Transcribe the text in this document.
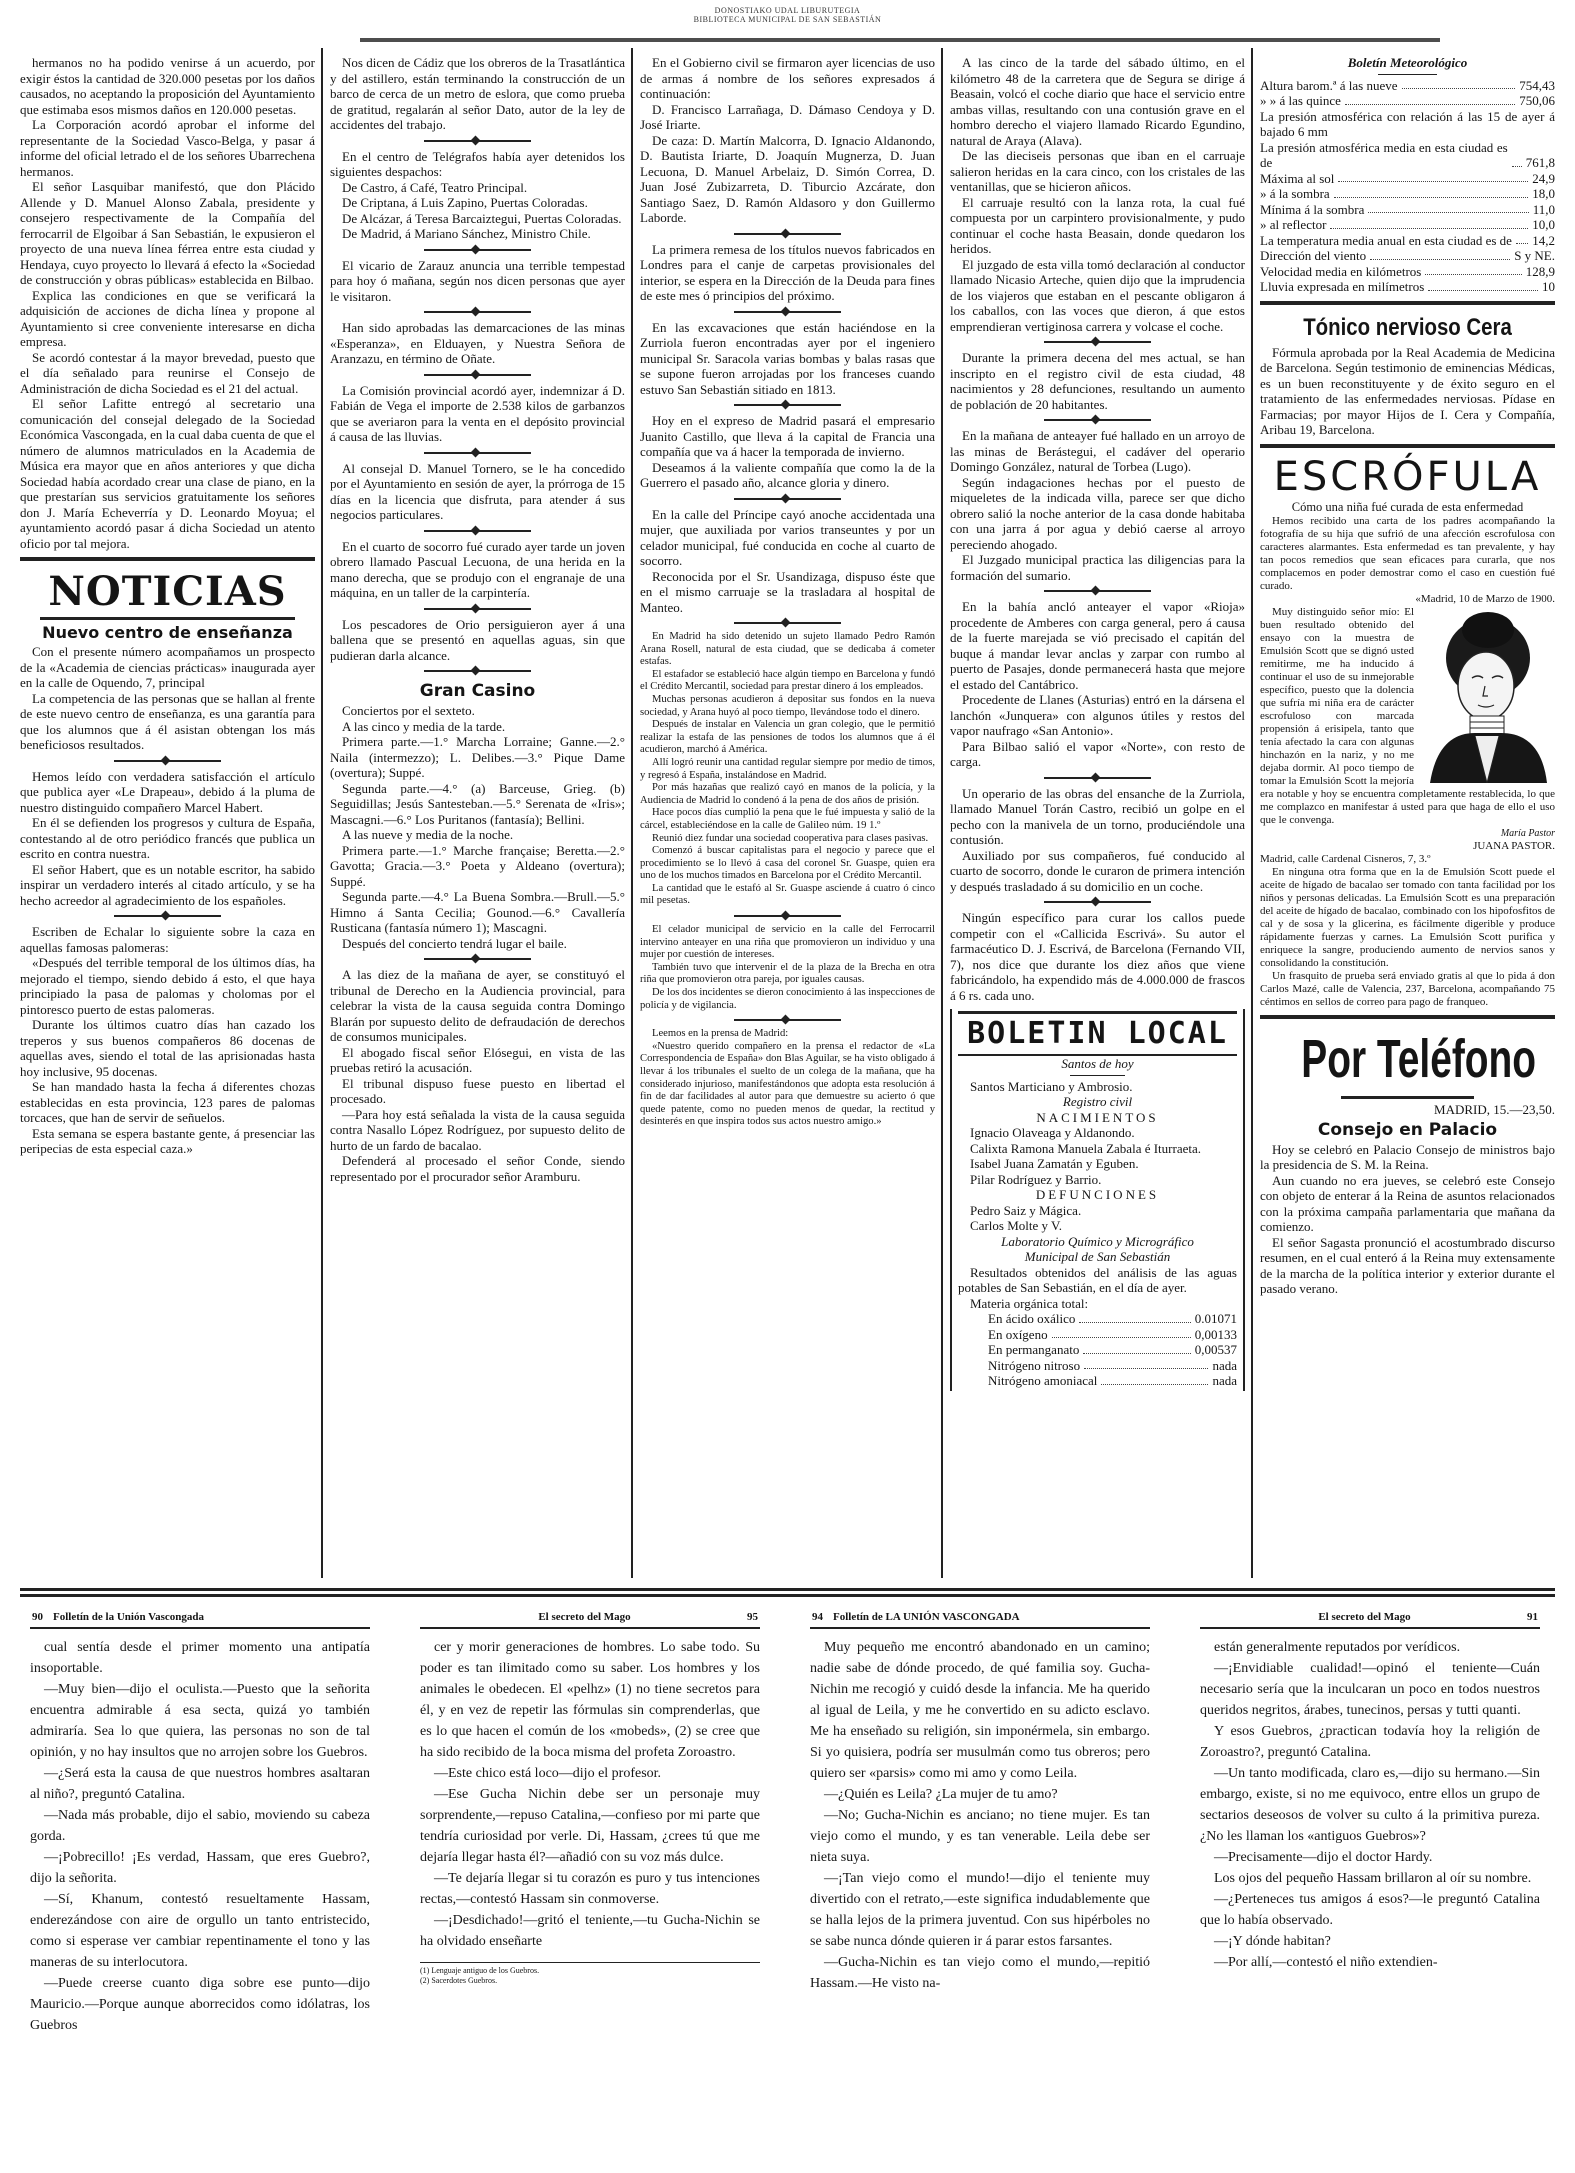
DONOSTIAKO UDAL LIBURUTEGIA
BIBLIOTECA MUNICIPAL DE SAN SEBASTIÁN

hermanos no ha podido venirse á un acuerdo, por exigir éstos la cantidad de 320.000 pesetas por los daños causados, no aceptando la proposición del Ayuntamiento que estimaba esos mismos daños en 120.000 pesetas.

La Corporación acordó aprobar el informe del representante de la Sociedad Vasco-Belga, y pasar á informe del oficial letrado el de los señores Ubarrechena hermanos.

El señor Lasquibar manifestó, que don Plácido Allende y D. Manuel Alonso Zabala, presidente y consejero respectivamente de la Compañía del ferrocarril de Elgoibar á San Sebastián, le expusieron el proyecto de una nueva línea férrea entre esta ciudad y Hendaya, cuyo proyecto lo llevará á efecto la «Sociedad de construcción y obras públicas» establecida en Bilbao.

Explica las condiciones en que se verificará la adquisición de acciones de dicha línea y propone al Ayuntamiento si cree conveniente interesarse en dicha empresa.

Se acordó contestar á la mayor brevedad, puesto que el día señalado para reunirse el Consejo de Administración de dicha Sociedad es el 21 del actual.

El señor Lafitte entregó al secretario una comunicación del consejal delegado de la Sociedad Económica Vascongada, en la cual daba cuenta de que el número de alumnos matriculados en la Academia de Música era mayor que en años anteriores y que dicha Sociedad había acordado crear una clase de piano, en la que prestarían sus servicios gratuitamente los señores don J. María Echeverría y D. Leonardo Moyua; el ayuntamiento acordó pasar á dicha Sociedad un atento oficio por tal mejora.

NOTICIAS
Nuevo centro de enseñanza

Con el presente número acompañamos un prospecto de la «Academia de ciencias prácticas» inaugurada ayer en la calle de Oquendo, 7, principal

La competencia de las personas que se hallan al frente de este nuevo centro de enseñanza, es una garantía para que los alumnos que á él asistan obtengan los más beneficiosos resultados.

Hemos leído con verdadera satisfacción el artículo que publica ayer «Le Drapeau», debido á la pluma de nuestro distinguido compañero Marcel Habert.

En él se defienden los progresos y cultura de España, contestando al de otro periódico francés que publica un escrito en contra nuestra.

El señor Habert, que es un notable escritor, ha sabido inspirar un verdadero interés al citado artículo, y se ha hecho acreedor al agradecimiento de los españoles.

Escriben de Echalar lo siguiente sobre la caza en aquellas famosas palomeras:

«Después del terrible temporal de los últimos días, ha mejorado el tiempo, siendo debido á esto, el que haya principiado la pasa de palomas y cholomas por el pintoresco puerto de estas palomeras.

Durante los últimos cuatro días han cazado los treperos y sus buenos compañeros 86 docenas de aquellas aves, siendo el total de las aprisionadas hasta hoy inclusive, 95 docenas.

Se han mandado hasta la fecha á diferentes chozas establecidas en esta provincia, 123 pares de palomas torcaces, que han de servir de señuelos.

Esta semana se espera bastante gente, á presenciar las peripecias de esta especial caza.»

Nos dicen de Cádiz que los obreros de la Trasatlántica y del astillero, están terminando la construcción de un barco de cerca de un metro de eslora, que como prueba de gratitud, regalarán al señor Dato, autor de la ley de accidentes del trabajo.

En el centro de Telégrafos había ayer detenidos los siguientes despachos:

De Castro, á Café, Teatro Principal.

De Criptana, á Luis Zapino, Puertas Coloradas.

De Alcázar, á Teresa Barcaiztegui, Puertas Coloradas.

De Madrid, á Mariano Sánchez, Ministro Chile.

El vicario de Zarauz anuncia una terrible tempestad para hoy ó mañana, según nos dicen personas que ayer le visitaron.

Han sido aprobadas las demarcaciones de las minas «Esperanza», en Elduayen, y Nuestra Señora de Aranzazu, en término de Oñate.

La Comisión provincial acordó ayer, indemnizar á D. Fabián de Vega el importe de 2.538 kilos de garbanzos que se averiaron para la venta en el depósito provincial á causa de las lluvias.

Al consejal D. Manuel Tornero, se le ha concedido por el Ayuntamiento en sesión de ayer, la prórroga de 15 días en la licencia que disfruta, para atender á sus negocios particulares.

En el cuarto de socorro fué curado ayer tarde un joven obrero llamado Pascual Lecuona, de una herida en la mano derecha, que se produjo con el engranaje de una máquina, en un taller de la carpintería.

Los pescadores de Orio persiguieron ayer á una ballena que se presentó en aquellas aguas, sin que pudieran darla alcance.

Gran Casino

Conciertos por el sexteto.

A las cinco y media de la tarde.

Primera parte.—1.° Marcha Lorraine; Ganne.—2.° Naila (intermezzo); L. Delibes.—3.° Pique Dame (overtura); Suppé.

Segunda parte.—4.° (a) Barceuse, Grieg. (b) Seguidillas; Jesús Santesteban.—5.° Serenata de «Iris»; Mascagni.—6.° Los Puritanos (fantasía); Bellini.

A las nueve y media de la noche.

Primera parte.—1.° Marche française; Beretta.—2.° Gavotta; Gracia.—3.° Poeta y Aldeano (overtura); Suppé.

Segunda parte.—4.° La Buena Sombra.—Brull.—5.° Himno á Santa Cecilia; Gounod.—6.° Cavallería Rusticana (fantasía número 1); Mascagni.

Después del concierto tendrá lugar el baile.

A las diez de la mañana de ayer, se constituyó el tribunal de Derecho en la Audiencia provincial, para celebrar la vista de la causa seguida contra Domingo Blarán por supuesto delito de defraudación de derechos de consumos municipales.

El abogado fiscal señor Elósegui, en vista de las pruebas retiró la acusación.

El tribunal dispuso fuese puesto en libertad el procesado.

—Para hoy está señalada la vista de la causa seguida contra Nasallo López Rodríguez, por supuesto delito de hurto de un fardo de bacalao.

Defenderá al procesado el señor Conde, siendo representado por el procurador señor Aramburu.

En el Gobierno civil se firmaron ayer licencias de uso de armas á nombre de los señores expresados á continuación:

D. Francisco Larrañaga, D. Dámaso Cendoya y D. José Iriarte.

De caza: D. Martín Malcorra, D. Ignacio Aldanondo, D. Bautista Iriarte, D. Joaquín Mugnerza, D. Juan Lecuona, D. Manuel Arbelaiz, D. Simón Correa, D. Juan José Zubizarreta, D. Tiburcio Azcárate, don Santiago Saez, D. Ramón Aldasoro y don Guillermo Laborde.

La primera remesa de los títulos nuevos fabricados en Londres para el canje de carpetas provisionales del interior, se espera en la Dirección de la Deuda para fines de este mes ó principios del próximo.

En las excavaciones que están haciéndose en la Zurriola fueron encontradas ayer por el ingeniero municipal Sr. Saracola varias bombas y balas rasas que se supone fueron arrojadas por los franceses cuando estuvo San Sebastián sitiado en 1813.

Hoy en el expreso de Madrid pasará el empresario Juanito Castillo, que lleva á la capital de Francia una compañía que va á hacer la temporada de invierno.

Deseamos á la valiente compañía que como la de la Guerrero el pasado año, alcance gloria y dinero.

En la calle del Príncipe cayó anoche accidentada una mujer, que auxiliada por varios transeuntes y por un celador municipal, fué conducida en coche al cuarto de socorro.

Reconocida por el Sr. Usandizaga, dispuso éste que en el mismo carruaje se la trasladara al hospital de Manteo.

En Madrid ha sido detenido un sujeto llamado Pedro Ramón Arana Rosell, natural de esta ciudad, que se dedicaba á cometer estafas.

El estafador se estableció hace algún tiempo en Barcelona y fundó el Crédito Mercantil, sociedad para prestar dinero á los empleados.

Muchas personas acudieron á depositar sus fondos en la nueva sociedad, y Arana huyó al poco tiempo, llevándose todo el dinero.

Después de instalar en Valencia un gran colegio, que le permitió realizar la estafa de las pensiones de todos los alumnos que á él acudieron, marchó á América.

Allí logró reunir una cantidad regular siempre por medio de timos, y regresó á España, instalándose en Madrid.

Por más hazañas que realizó cayó en manos de la policía, y la Audiencia de Madrid lo condenó á la pena de dos años de prisión.

Hace pocos días cumplió la pena que le fué impuesta y salió de la cárcel, estableciéndose en la calle de Galileo núm. 19 1.º

Reunió diez fundar una sociedad cooperativa para clases pasivas.

Comenzó á buscar capitalistas para el negocio y parece que el procedimiento se lo llevó á casa del coronel Sr. Guaspe, quien era uno de los muchos timados en Barcelona por el Crédito Mercantil.

La cantidad que le estafó al Sr. Guaspe asciende á cuatro ó cinco mil pesetas.

El celador municipal de servicio en la calle del Ferrocarril intervino anteayer en una riña que promovieron un individuo y una mujer por cuestión de intereses.

También tuvo que intervenir el de la plaza de la Brecha en otra riña que promovieron otra pareja, por iguales causas.

De los dos incidentes se dieron conocimiento á las inspecciones de policía y de vigilancia.

Leemos en la prensa de Madrid:

«Nuestro querido compañero en la prensa el redactor de «La Correspondencia de España» don Blas Aguilar, se ha visto obligado á llevar á los tribunales el suelto de un colega de la mañana, que ha considerado injurioso, manifestándonos que adopta esta resolución á fin de dar facilidades al autor para que demuestre su acierto ó que quede patente, como no pueden menos de quedar, la rectitud y desinterés en que inspira todos sus actos nuestro amigo.»

A las cinco de la tarde del sábado último, en el kilómetro 48 de la carretera que de Segura se dirige á Beasain, volcó el coche diario que hace el servicio entre ambas villas, resultando con una contusión grave en el hombro derecho el viajero llamado Ricardo Egundino, natural de Araya (Alava).

De las dieciseis personas que iban en el carruaje salieron heridas en la cara cinco, con los cristales de las ventanillas, que se hicieron añicos.

El carruaje resultó con la lanza rota, la cual fué compuesta por un carpintero provisionalmente, y pudo continuar el coche hasta Beasain, donde quedaron los heridos.

El juzgado de esta villa tomó declaración al conductor llamado Nicasio Arteche, quien dijo que la imprudencia de los viajeros que estaban en el pescante obligaron á los caballos, con las voces que dieron, á que estos emprendieran vertiginosa carrera y volcase el coche.

Durante la primera decena del mes actual, se han inscripto en el registro civil de esta ciudad, 48 nacimientos y 28 defunciones, resultando un aumento de población de 20 habitantes.

En la mañana de anteayer fué hallado en un arroyo de las minas de Berástegui, el cadáver del operario Domingo González, natural de Torbea (Lugo).

Según indagaciones hechas por el puesto de miqueletes de la indicada villa, parece ser que dicho obrero salió la noche anterior de la casa donde habitaba con una jarra á por agua y debió caerse al arroyo pereciendo ahogado.

El Juzgado municipal practica las diligencias para la formación del sumario.

En la bahía ancló anteayer el vapor «Rioja» procedente de Amberes con carga general, pero á causa de la fuerte marejada se vió precisado el capitán del buque á mandar levar anclas y zarpar con rumbo al puerto de Pasajes, donde permanecerá hasta que mejore el estado del Cantábrico.

Procedente de Llanes (Asturias) entró en la dársena el lanchón «Junquera» con algunos útiles y restos del vapor naufrago «San Antonio».

Para Bilbao salió el vapor «Norte», con resto de carga.

Un operario de las obras del ensanche de la Zurriola, llamado Manuel Torán Castro, recibió un golpe en el pecho con la manivela de un torno, produciéndole una contusión.

Auxiliado por sus compañeros, fué conducido al cuarto de socorro, donde le curaron de primera intención y después trasladado á su domicilio en un coche.

Ningún específico para curar los callos puede competir con el «Callicida Escrivá». Su autor el farmacéutico D. J. Escrivá, de Barcelona (Fernando VII, 7), nos dice que durante los diez años que viene fabricándolo, ha expendido más de 4.000.000 de frascos á 6 rs. cada uno.

BOLETIN LOCAL
Santos de hoy

Santos Marticiano y Ambrosio.

Registro civil
NACIMIENTOS

Ignacio Olaveaga y Aldanondo.

Calixta Ramona Manuela Zabala é Iturraeta.

Isabel Juana Zamatán y Eguben.

Pilar Rodríguez y Barrio.

DEFUNCIONES

Pedro Saiz y Mágica.

Carlos Molte y V.

Laboratorio Químico y Micrográfico
Municipal de San Sebastián

Resultados obtenidos del análisis de las aguas potables de San Sebastián, en el día de ayer.

Materia orgánica total:

En ácido oxálico	0.01071
En oxígeno	0,00133
En permanganato	0,00537
Nitrógeno nitroso	nada
Nitrógeno amoniacal	nada
Boletín Meteorológico
Altura barom.ª á las nueve	754,43
» » á las quince	750,06
La presión atmosférica con relación á las 15 de ayer á bajado 6 mm
La presión atmosférica media en esta ciudad es de	761,8
Máxima al sol	24,9
» á la sombra	18,0
Mínima á la sombra	11,0
» al reflector	10,0
La temperatura media anual en esta ciudad es de 14,2
Dirección del viento	S y NE.
Velocidad media en kilómetros	128,9
Lluvia expresada en milímetros	10
Tónico nervioso Cera

Fórmula aprobada por la Real Academia de Medicina de Barcelona. Según testimonio de eminencias Médicas, es un buen reconstituyente y de éxito seguro en el tratamiento de las enfermedades nerviosas. Pídase en Farmacias; por mayor Hijos de I. Cera y Compañía, Aribau 19, Barcelona.

ESCRÓFULA
Cómo una niña fué curada de esta enfermedad

Hemos recibido una carta de los padres acompañando la fotografía de su hija que sufrió de una afección escrofulosa con caracteres alarmantes. Esta enfermedad es tan prevalente, y hay tan pocos remedios que sean eficaces para curarla, que nos complacemos en poder demostrar como el caso en cuestión fué curado.

«Madrid, 10 de Marzo de 1900.

Muy distinguido señor mío: El buen resultado obtenido del ensayo con la muestra de Emulsión Scott que se dignó usted remitirme, me ha inducido á continuar el uso de su inmejorable específico, puesto que la dolencia que sufría mi niña era de carácter escrofuloso con marcada propensión á erisipela, tanto que tenía afectado la cara con algunas hinchazón en la nariz, y no me dejaba dormir. Al poco tiempo de tomar la Emulsión Scott la mejoría era notable y hoy se encuentra completamente restablecida, lo que me complazco en manifestar á usted para que haga de ello el uso que le convenga.

María Pastor
JUANA PASTOR.
Madrid, calle Cardenal Cisneros, 7, 3.º

En ninguna otra forma que en la de Emulsión Scott puede el aceite de hígado de bacalao ser tomado con tanta facilidad por los niños y personas delicadas. La Emulsión Scott es una preparación del aceite de hígado de bacalao, combinado con los hipofosfitos de cal y de sosa y la glicerina, es fácilmente digerible y produce rápidamente fuerzas y carnes. La Emulsión Scott purifica y enriquece la sangre, produciendo aumento de nervios sanos y consolidando la constitución.

Un frasquito de prueba será enviado gratis al que lo pida á don Carlos Mazé, calle de Valencia, 237, Barcelona, acompañando 75 céntimos en sellos de correo para pago de franqueo.

Por Teléfono
MADRID, 15.—23,50.
Consejo en Palacio

Hoy se celebró en Palacio Consejo de ministros bajo la presidencia de S. M. la Reina.

Aun cuando no era jueves, se celebró este Consejo con objeto de enterar á la Reina de asuntos relacionados con la próxima campaña parlamentaria que mañana da comienzo.

El señor Sagasta pronunció el acostumbrado discurso resumen, en el cual enteró á la Reina muy extensamente de la marcha de la política interior y exterior durante el pasado verano.

90 Folletín de la Unión Vascongada

cual sentía desde el primer momento una antipatía insoportable.

—Muy bien—dijo el oculista.—Puesto que la señorita encuentra admirable á esa secta, quizá yo también admiraría. Sea lo que quiera, las personas no son de tal opinión, y no hay insultos que no arrojen sobre los Guebros.

—¿Será esta la causa de que nuestros hombres asaltaran al niño?, preguntó Catalina.

—Nada más probable, dijo el sabio, moviendo su cabeza gorda.

—¡Pobrecillo! ¡Es verdad, Hassam, que eres Guebro?, dijo la señorita.

—Sí, Khanum, contestó resueltamente Hassam, enderezándose con aire de orgullo un tanto entristecido, como si esperase ver cambiar repentinamente el tono y las maneras de su interlocutora.

—Puede creerse cuanto diga sobre ese punto—dijo Mauricio.—Porque aunque aborrecidos como idólatras, los Guebros

El secreto del Mago	95

cer y morir generaciones de hombres. Lo sabe todo. Su poder es tan ilimitado como su saber. Los hombres y los animales le obedecen. El «pelhz» (1) no tiene secretos para él, y en vez de repetir las fórmulas sin comprenderlas, que es lo que hacen el común de los «mobeds», (2) se cree que ha sido recibido de la boca misma del profeta Zoroastro.

—Este chico está loco—dijo el profesor.

—Ese Gucha Nichin debe ser un personaje muy sorprendente,—repuso Catalina,—confieso por mi parte que tendría curiosidad por verle. Di, Hassam, ¿crees tú que me dejaría llegar hasta él?—añadió con su voz más dulce.

—Te dejaría llegar si tu corazón es puro y tus intenciones rectas,—contestó Hassam sin conmoverse.

—¡Desdichado!—gritó el teniente,—tu Gucha-Nichin se ha olvidado enseñarte

(1) Lenguaje antiguo de los Guebros.
(2) Sacerdotes Guebros.
94 Folletín de LA UNIÓN VASCONGADA

Muy pequeño me encontró abandonado en un camino; nadie sabe de dónde procedo, de qué familia soy. Gucha-Nichin me recogió y cuidó desde la infancia. Me ha querido al igual de Leila, y me he convertido en su adicto esclavo. Me ha enseñado su religión, sin imponérmela, sin embargo. Si yo quisiera, podría ser musulmán como tus obreros; pero quiero ser «parsis» como mi amo y como Leila.

—¿Quién es Leila? ¿La mujer de tu amo?

—No; Gucha-Nichin es anciano; no tiene mujer. Es tan viejo como el mundo, y es tan venerable. Leila debe ser nieta suya.

—¡Tan viejo como el mundo!—dijo el teniente muy divertido con el retrato,—este significa indudablemente que se halla lejos de la primera juventud. Con sus hipérboles no se sabe nunca dónde quieren ir á parar estos farsantes.

—Gucha-Nichin es tan viejo como el mundo,—repitió Hassam.—He visto na-

El secreto del Mago	91

están generalmente reputados por verídicos.

—¡Envidiable cualidad!—opinó el teniente—Cuán necesario sería que la inculcaran un poco en todos nuestros queridos negritos, árabes, tunecinos, persas y tutti quanti.

Y esos Guebros, ¿practican todavía hoy la religión de Zoroastro?, preguntó Catalina.

—Un tanto modificada, claro es,—dijo su hermano.—Sin embargo, existe, si no me equivoco, entre ellos un grupo de sectarios deseosos de volver su culto á la primitiva pureza. ¿No les llaman los «antiguos Guebros»?

—Precisamente—dijo el doctor Hardy.

Los ojos del pequeño Hassam brillaron al oír su nombre.

—¿Perteneces tus amigos á esos?—le preguntó Catalina que lo había observado.

—¡Y dónde habitan?

—Por allí,—contestó el niño extendien-
